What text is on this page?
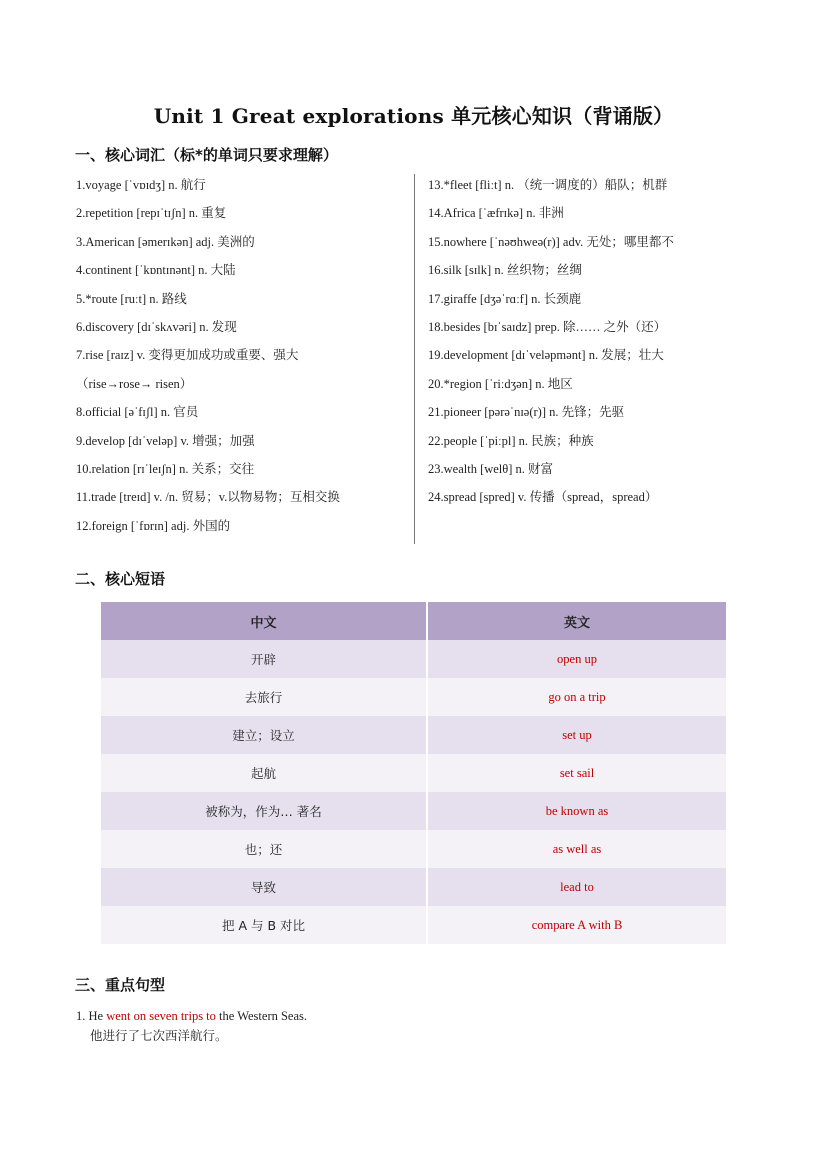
Unit 1 Great explorations 单元核心知识（背诵版）
一、核心词汇（标*的单词只要求理解）
1.voyage [ˈvɒɪdʒ] n. 航行
2.repetition [repɪˈtɪʃn] n. 重复
3.American [əmerɪkən] adj. 美洲的
4.continent [ˈkɒntɪnənt] n. 大陆
5.*route [ruːt] n. 路线
6.discovery [dɪˈskʌvəri] n. 发现
7.rise [raɪz] v. 变得更加成功或重要、强大
（rise→rose→ risen）
8.official [əˈfɪʃl] n. 官员
9.develop [dɪˈveləp] v. 增强；加强
10.relation [rɪˈleɪʃn] n. 关系；交往
11.trade [treɪd] v. /n. 贸易；v.以物易物；互相交换
12.foreign [ˈfɒrɪn] adj. 外国的
13.*fleet [fliːt] n. （统一调度的）船队；机群
14.Africa [ˈæfrɪkə] n. 非洲
15.nowhere [ˈnəʊhweə(r)] adv. 无处；哪里都不
16.silk [sɪlk] n. 丝织物；丝绸
17.giraffe [dʒəˈrɑːf] n. 长颈鹿
18.besides [bɪˈsaɪdz] prep. 除…… 之外（还）
19.development [dɪˈveləpmənt] n. 发展；壮大
20.*region [ˈriːdʒən] n. 地区
21.pioneer [pərəˈnɪə(r)] n. 先锋；先驱
22.people [ˈpiːpl] n. 民族；种族
23.wealth [welθ] n. 财富
24.spread [spred] v. 传播（spread，spread）
二、核心短语
中文	英文
开辟	open up
去旅行	go on a trip
建立；设立	set up
起航	set sail
被称为，作为… 著名	be known as
也；还	as well as
导致	lead to
把 A 与 B 对比	compare A with B
三、重点句型
1. He went on seven trips to the Western Seas.
他进行了七次西洋航行。
